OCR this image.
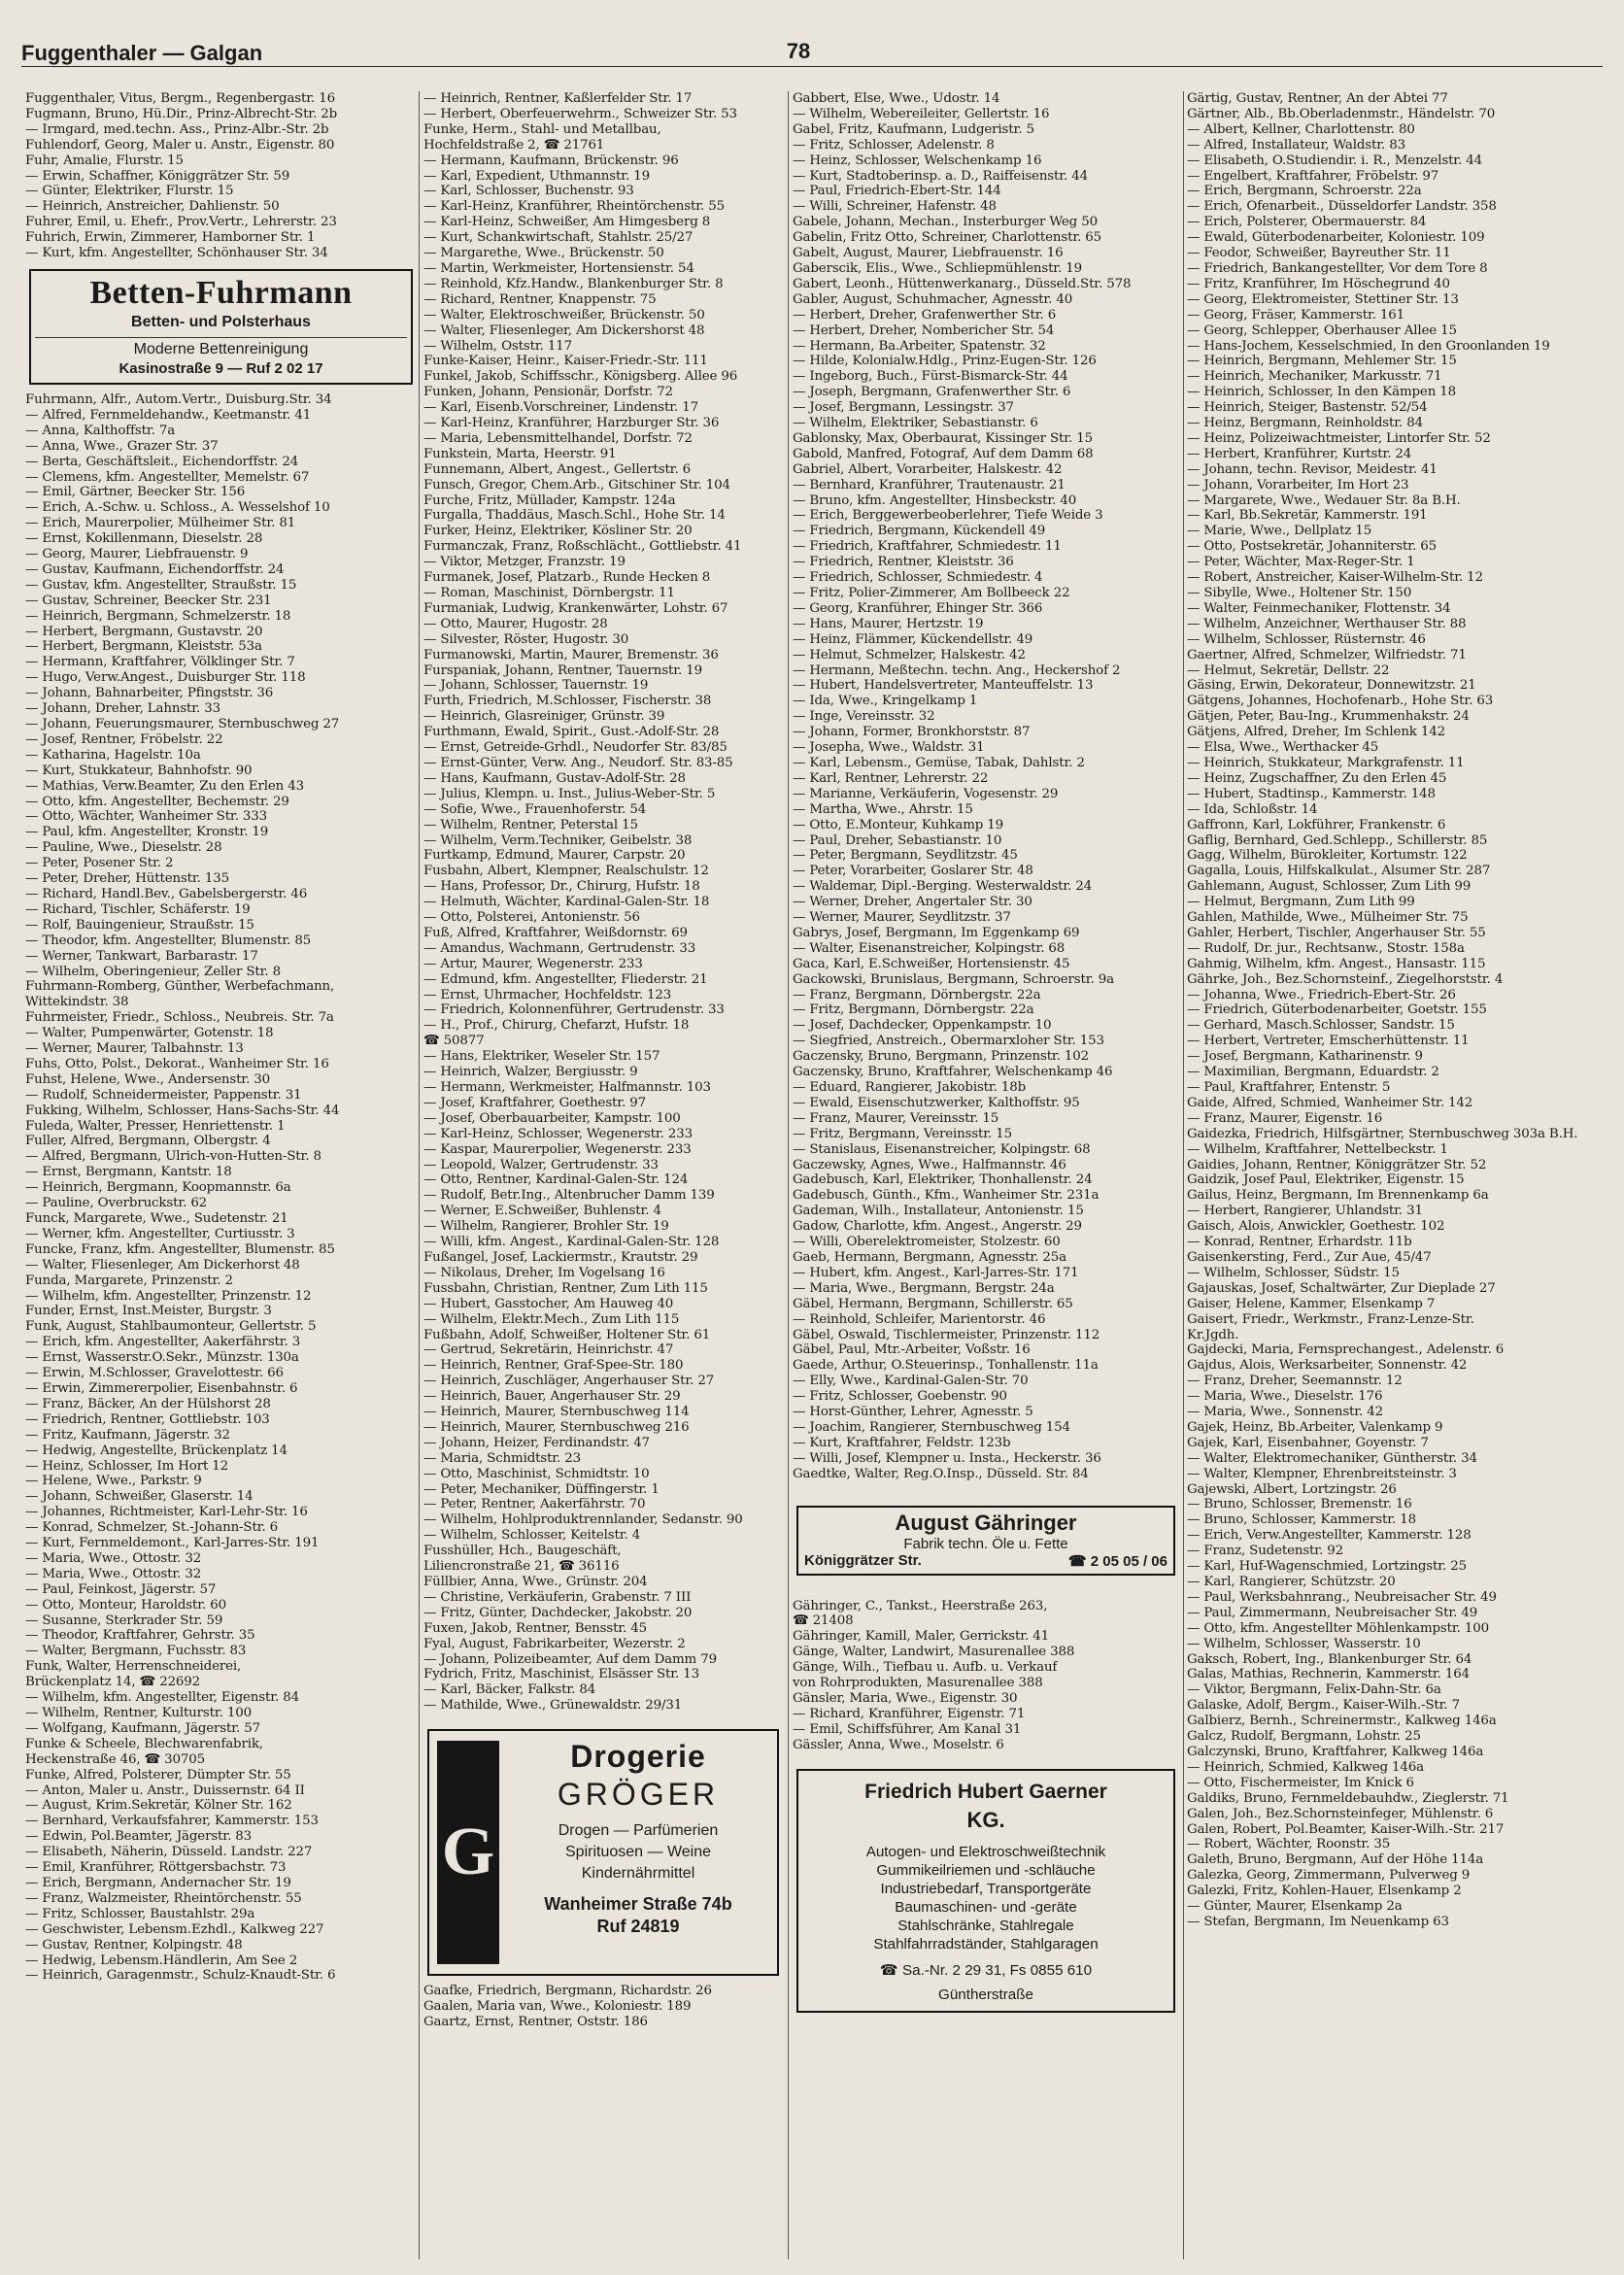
Fuggenthaler — Galgan	78
Fuggenthaler, Vitus, Bergm., Regenbergastr. 16
Fugmann, Bruno, Hü.Dir., Prinz-Albrecht-Str. 2b
— Irmgard, med.techn. Ass., Prinz-Albr.-Str. 2b
Fuhlendorf, Georg, Maler u. Anstr., Eigenstr. 80
Fuhr, Amalie, Flurstr. 15
— Erwin, Schaffner, Königgrätzer Str. 59
— Günter, Elektriker, Flurstr. 15
— Heinrich, Anstreicher, Dahlienstr. 50
Fuhrer, Emil, u. Ehefr., Prov.Vertr., Lehrerstr. 23
Fuhrich, Erwin, Zimmerer, Hamborner Str. 1
— Kurt, kfm. Angestellter, Schönhauser Str. 34
Betten-Fuhrmann
Betten- und Polsterhaus
Moderne Bettenreinigung
Kasinostraße 9 — Ruf 2 02 17
Fuhrmann, Alfr., Autom.Vertr., Duisburg.Str. 34
— Alfred, Fernmeldehandw., Keetmanstr. 41
— Anna, Kalthoffstr. 7a
— Anna, Wwe., Grazer Str. 37
— Berta, Geschäftsleit., Eichendorffstr. 24
— Clemens, kfm. Angestellter, Memelstr. 67
— Emil, Gärtner, Beecker Str. 156
— Erich, A.-Schw. u. Schloss., A. Wesselshof 10
— Erich, Maurerpolier, Mülheimer Str. 81
— Ernst, Kokillenmann, Dieselstr. 28
— Georg, Maurer, Liebfrauenstr. 9
— Gustav, Kaufmann, Eichendorffstr. 24
— Gustav, kfm. Angestellter, Straußstr. 15
— Gustav, Schreiner, Beecker Str. 231
— Heinrich, Bergmann, Schmelzerstr. 18
— Herbert, Bergmann, Gustavstr. 20
— Herbert, Bergmann, Kleiststr. 53a
— Hermann, Kraftfahrer, Völklinger Str. 7
— Hugo, Verw.Angest., Duisburger Str. 118
— Johann, Bahnarbeiter, Pfingststr. 36
— Johann, Dreher, Lahnstr. 33
— Johann, Feuerungsmaurer, Sternbuschweg 27
— Josef, Rentner, Fröbelstr. 22
— Katharina, Hagelstr. 10a
— Kurt, Stukkateur, Bahnhofstr. 90
— Mathias, Verw.Beamter, Zu den Erlen 43
— Otto, kfm. Angestellter, Bechemstr. 29
— Otto, Wächter, Wanheimer Str. 333
— Paul, kfm. Angestellter, Kronstr. 19
— Pauline, Wwe., Dieselstr. 28
— Peter, Posener Str. 2
— Peter, Dreher, Hüttenstr. 135
— Richard, Handl.Bev., Gabelsbergerstr. 46
— Richard, Tischler, Schäferstr. 19
— Rolf, Bauingenieur, Straußstr. 15
— Theodor, kfm. Angestellter, Blumenstr. 85
— Werner, Tankwart, Barbarastr. 17
— Wilhelm, Oberingenieur, Zeller Str. 8
Fuhrmann-Romberg, Günther, Werbefachmann,
Wittekindstr. 38
Fuhrmeister, Friedr., Schloss., Neubreis. Str. 7a
— Walter, Pumpenwärter, Gotenstr. 18
— Werner, Maurer, Talbahnstr. 13
Fuhs, Otto, Polst., Dekorat., Wanheimer Str. 16
Fuhst, Helene, Wwe., Andersenstr. 30
— Rudolf, Schneidermeister, Pappenstr. 31
Fukking, Wilhelm, Schlosser, Hans-Sachs-Str. 44
Fuleda, Walter, Presser, Henriettenstr. 1
Fuller, Alfred, Bergmann, Ölbergstr. 4
— Alfred, Bergmann, Ulrich-von-Hutten-Str. 8
— Ernst, Bergmann, Kantstr. 18
— Heinrich, Bergmann, Koopmannstr. 6a
— Pauline, Overbruckstr. 62
Funck, Margarete, Wwe., Sudetenstr. 21
— Werner, kfm. Angestellter, Curtiusstr. 3
Funcke, Franz, kfm. Angestellter, Blumenstr. 85
— Walter, Fliesenleger, Am Dickerhorst 48
Funda, Margarete, Prinzenstr. 2
— Wilhelm, kfm. Angestellter, Prinzenstr. 12
Funder, Ernst, Inst.Meister, Burgstr. 3
Funk, August, Stahlbaumonteur, Gellertstr. 5
— Erich, kfm. Angestellter, Aakerfährstr. 3
— Ernst, Wasserstr.O.Sekr., Münzstr. 130a
— Erwin, M.Schlosser, Gravelottestr. 66
— Erwin, Zimmererpolier, Eisenbahnstr. 6
— Franz, Bäcker, An der Hülshorst 28
— Friedrich, Rentner, Gottliebstr. 103
— Fritz, Kaufmann, Jägerstr. 32
— Hedwig, Angestellte, Brückenplatz 14
— Heinz, Schlosser, Im Hort 12
— Helene, Wwe., Parkstr. 9
— Johann, Schweißer, Glaserstr. 14
— Johannes, Richtmeister, Karl-Lehr-Str. 16
— Konrad, Schmelzer, St.-Johann-Str. 6
— Kurt, Fernmeldemont., Karl-Jarres-Str. 191
— Maria, Wwe., Ottostr. 32
— Maria, Wwe., Ottostr. 32
— Paul, Feinkost, Jägerstr. 57
— Otto, Monteur, Haroldstr. 60
— Susanne, Sterkrader Str. 59
— Theodor, Kraftfahrer, Gehrstr. 35
— Walter, Bergmann, Fuchsstr. 83
Funk, Walter, Herrenschneiderei,
Brückenplatz 14, ☎ 22692
— Wilhelm, kfm. Angestellter, Eigenstr. 84
— Wilhelm, Rentner, Kulturstr. 100
— Wolfgang, Kaufmann, Jägerstr. 57
Funke & Scheele, Blechwarenfabrik,
Heckenstraße 46, ☎ 30705
Funke, Alfred, Polsterer, Dümpter Str. 55
— Anton, Maler u. Anstr., Duissernstr. 64 II
— August, Krim.Sekretär, Kölner Str. 162
— Bernhard, Verkaufsfahrer, Kammerstr. 153
— Edwin, Pol.Beamter, Jägerstr. 83
— Elisabeth, Näherin, Düsseld. Landstr. 227
— Emil, Kranführer, Röttgersbachstr. 73
— Erich, Bergmann, Andernacher Str. 19
— Franz, Walzmeister, Rheintörchenstr. 55
— Fritz, Schlosser, Baustahlstr. 29a
— Geschwister, Lebensm.Ezhdl., Kalkweg 227
— Gustav, Rentner, Kolpingstr. 48
— Hedwig, Lebensm.Händlerin, Am See 2
— Heinrich, Garagenmstr., Schulz-Knaudt-Str. 6
— Heinrich, Rentner, Kaßlerfelder Str. 17
— Herbert, Oberfeuerwehrm., Schweizer Str. 53
Funke, Herm., Stahl- und Metallbau,
Hochfeldstraße 2, ☎ 21761
— Hermann, Kaufmann, Brückenstr. 96
— Karl, Expedient, Uthmannstr. 19
— Karl, Schlosser, Buchenstr. 93
— Karl-Heinz, Kranführer, Rheintörchenstr. 55
— Karl-Heinz, Schweißer, Am Himgesberg 8
— Kurt, Schankwirtschaft, Stahlstr. 25/27
— Margarethe, Wwe., Brückenstr. 50
— Martin, Werkmeister, Hortensienstr. 54
— Reinhold, Kfz.Handw., Blankenburger Str. 8
— Richard, Rentner, Knappenstr. 75
— Walter, Elektroschweißer, Brückenstr. 50
— Walter, Fliesenleger, Am Dickershorst 48
— Wilhelm, Oststr. 117
Funke-Kaiser, Heinr., Kaiser-Friedr.-Str. 111
Funkel, Jakob, Schiffsschr., Königsberg. Allee 96
Funken, Johann, Pensionär, Dorfstr. 72
— Karl, Eisenb.Vorschreiner, Lindenstr. 17
— Karl-Heinz, Kranführer, Harzburger Str. 36
— Maria, Lebensmittelhandel, Dorfstr. 72
Funkstein, Marta, Heerstr. 91
Funnemann, Albert, Angest., Gellertstr. 6
Funsch, Gregor, Chem.Arb., Gitschiner Str. 104
Furche, Fritz, Müllader, Kampstr. 124a
Furgalla, Thaddäus, Masch.Schl., Hohe Str. 14
Furker, Heinz, Elektriker, Kösliner Str. 20
Furmanczak, Franz, Roßschlächt., Gottliebstr. 41
— Viktor, Metzger, Franzstr. 19
Furmanek, Josef, Platzarb., Runde Hecken 8
— Roman, Maschinist, Dörnbergstr. 11
Furmaniak, Ludwig, Krankenwärter, Lohstr. 67
— Otto, Maurer, Hugostr. 28
— Silvester, Röster, Hugostr. 30
Furmanowski, Martin, Maurer, Bremenstr. 36
Furspaniak, Johann, Rentner, Tauernstr. 19
— Johann, Schlosser, Tauernstr. 19
Furth, Friedrich, M.Schlosser, Fischerstr. 38
— Heinrich, Glasreiniger, Grünstr. 39
Furthmann, Ewald, Spirit., Gust.-Adolf-Str. 28
— Ernst, Getreide-Grhdl., Neudorfer Str. 83/85
— Ernst-Günter, Verw. Ang., Neudorf. Str. 83-85
— Hans, Kaufmann, Gustav-Adolf-Str. 28
— Julius, Klempn. u. Inst., Julius-Weber-Str. 5
— Sofie, Wwe., Frauenhoferstr. 54
— Wilhelm, Rentner, Peterstal 15
— Wilhelm, Verm.Techniker, Geibelstr. 38
Furtkamp, Edmund, Maurer, Carpstr. 20
Fusbahn, Albert, Klempner, Realschulstr. 12
— Hans, Professor, Dr., Chirurg, Hufstr. 18
— Helmuth, Wächter, Kardinal-Galen-Str. 18
— Otto, Polsterei, Antonienstr. 56
Fuß, Alfred, Kraftfahrer, Weißdornstr. 69
— Amandus, Wachmann, Gertrudenstr. 33
— Artur, Maurer, Wegenerstr. 233
— Edmund, kfm. Angestellter, Fliederstr. 21
— Ernst, Uhrmacher, Hochfeldstr. 123
— Friedrich, Kolonnenführer, Gertrudenstr. 33
— H., Prof., Chirurg, Chefarzt, Hufstr. 18
☎ 50877
— Hans, Elektriker, Weseler Str. 157
— Heinrich, Walzer, Bergiusstr. 9
— Hermann, Werkmeister, Halfmannstr. 103
— Josef, Kraftfahrer, Goethestr. 97
— Josef, Oberbauarbeiter, Kampstr. 100
— Karl-Heinz, Schlosser, Wegenerstr. 233
— Kaspar, Maurerpolier, Wegenerstr. 233
— Leopold, Walzer, Gertrudenstr. 33
— Otto, Rentner, Kardinal-Galen-Str. 124
— Rudolf, Betr.Ing., Altenbrucher Damm 139
— Werner, E.Schweißer, Buhlenstr. 4
— Wilhelm, Rangierer, Brohler Str. 19
— Willi, kfm. Angest., Kardinal-Galen-Str. 128
Fußangel, Josef, Lackiermstr., Krautstr. 29
— Nikolaus, Dreher, Im Vogelsang 16
Fussbahn, Christian, Rentner, Zum Lith 115
— Hubert, Gasstocher, Am Hauweg 40
— Wilhelm, Elektr.Mech., Zum Lith 115
Fußbahn, Adolf, Schweißer, Holtener Str. 61
— Gertrud, Sekretärin, Heinrichstr. 47
— Heinrich, Rentner, Graf-Spee-Str. 180
— Heinrich, Zuschläger, Angerhauser Str. 27
— Heinrich, Bauer, Angerhauser Str. 29
— Heinrich, Maurer, Sternbuschweg 114
— Heinrich, Maurer, Sternbuschweg 216
— Johann, Heizer, Ferdinandstr. 47
— Maria, Schmidtstr. 23
— Otto, Maschinist, Schmidtstr. 10
— Peter, Mechaniker, Düffingerstr. 1
— Peter, Rentner, Aakerfährstr. 70
— Wilhelm, Hohlproduktrennlander, Sedanstr. 90
— Wilhelm, Schlosser, Keitelstr. 4
Fusshüller, Hch., Baugeschäft,
Liliencronstraße 21, ☎ 36116
Füllbier, Anna, Wwe., Grünstr. 204
— Christine, Verkäuferin, Grabenstr. 7 III
— Fritz, Günter, Dachdecker, Jakobstr. 20
Fuxen, Jakob, Rentner, Bensstr. 45
Fyal, August, Fabrikarbeiter, Wezerstr. 2
— Johann, Polizeibeamter, Auf dem Damm 79
Fydrich, Fritz, Maschinist, Elsässer Str. 13
— Karl, Bäcker, Falkstr. 84
— Mathilde, Wwe., Grünewaldstr. 29/31
G
Drogerie
GRÖGER
Drogen — Parfümerien
Spirituosen — Weine
Kindernährmittel
Wanheimer Straße 74b
Ruf 24819
Gaafke, Friedrich, Bergmann, Richardstr. 26
Gaalen, Maria van, Wwe., Koloniestr. 189
Gaartz, Ernst, Rentner, Oststr. 186
Gabbert, Else, Wwe., Udostr. 14
— Wilhelm, Webereileiter, Gellertstr. 16
Gabel, Fritz, Kaufmann, Ludgeristr. 5
— Fritz, Schlosser, Adelenstr. 8
— Heinz, Schlosser, Welschenkamp 16
— Kurt, Stadtoberinsp. a. D., Raiffeisenstr. 44
— Paul, Friedrich-Ebert-Str. 144
— Willi, Schreiner, Hafenstr. 48
Gabele, Johann, Mechan., Insterburger Weg 50
Gabelin, Fritz Otto, Schreiner, Charlottenstr. 65
Gabelt, August, Maurer, Liebfrauenstr. 16
Gaberscik, Elis., Wwe., Schliepmühlenstr. 19
Gabert, Leonh., Hüttenwerkanarg., Düsseld.Str. 578
Gabler, August, Schuhmacher, Agnesstr. 40
— Herbert, Dreher, Grafenwerther Str. 6
— Herbert, Dreher, Nombericher Str. 54
— Hermann, Ba.Arbeiter, Spatenstr. 32
— Hilde, Kolonialw.Hdlg., Prinz-Eugen-Str. 126
— Ingeborg, Buch., Fürst-Bismarck-Str. 44
— Joseph, Bergmann, Grafenwerther Str. 6
— Josef, Bergmann, Lessingstr. 37
— Wilhelm, Elektriker, Sebastianstr. 6
Gablonsky, Max, Oberbaurat, Kissinger Str. 15
Gabold, Manfred, Fotograf, Auf dem Damm 68
Gabriel, Albert, Vorarbeiter, Halskestr. 42
— Bernhard, Kranführer, Trautenaustr. 21
— Bruno, kfm. Angestellter, Hinsbeckstr. 40
— Erich, Berggewerbeoberlehrer, Tiefe Weide 3
— Friedrich, Bergmann, Kückendell 49
— Friedrich, Kraftfahrer, Schmiedestr. 11
— Friedrich, Rentner, Kleiststr. 36
— Friedrich, Schlosser, Schmiedestr. 4
— Fritz, Polier-Zimmerer, Am Bollbeeck 22
— Georg, Kranführer, Ehinger Str. 366
— Hans, Maurer, Hertzstr. 19
— Heinz, Flämmer, Kückendellstr. 49
— Helmut, Schmelzer, Halskestr. 42
— Hermann, Meßtechn. techn. Ang., Heckershof 2
— Hubert, Handelsvertreter, Manteuffelstr. 13
— Ida, Wwe., Kringelkamp 1
— Inge, Vereinsstr. 32
— Johann, Former, Bronkhorststr. 87
— Josepha, Wwe., Waldstr. 31
— Karl, Lebensm., Gemüse, Tabak, Dahlstr. 2
— Karl, Rentner, Lehrerstr. 22
— Marianne, Verkäuferin, Vogesenstr. 29
— Martha, Wwe., Ahrstr. 15
— Otto, E.Monteur, Kuhkamp 19
— Paul, Dreher, Sebastianstr. 10
— Peter, Bergmann, Seydlitzstr. 45
— Peter, Vorarbeiter, Goslarer Str. 48
— Waldemar, Dipl.-Berging. Westerwaldstr. 24
— Werner, Dreher, Angertaler Str. 30
— Werner, Maurer, Seydlitzstr. 37
Gabrys, Josef, Bergmann, Im Eggenkamp 69
— Walter, Eisenanstreicher, Kolpingstr. 68
Gaca, Karl, E.Schweißer, Hortensienstr. 45
Gackowski, Brunislaus, Bergmann, Schroerstr. 9a
— Franz, Bergmann, Dörnbergstr. 22a
— Fritz, Bergmann, Dörnbergstr. 22a
— Josef, Dachdecker, Oppenkampstr. 10
— Siegfried, Anstreich., Obermarxloher Str. 153
Gaczensky, Bruno, Bergmann, Prinzenstr. 102
Gaczensky, Bruno, Kraftfahrer, Welschenkamp 46
— Eduard, Rangierer, Jakobistr. 18b
— Ewald, Eisenschutzwerker, Kalthoffstr. 95
— Franz, Maurer, Vereinsstr. 15
— Fritz, Bergmann, Vereinsstr. 15
— Stanislaus, Eisenanstreicher, Kolpingstr. 68
Gaczewsky, Agnes, Wwe., Halfmannstr. 46
Gadebusch, Karl, Elektriker, Thonhallenstr. 24
Gadebusch, Günth., Kfm., Wanheimer Str. 231a
Gademan, Wilh., Installateur, Antonienstr. 15
Gadow, Charlotte, kfm. Angest., Angerstr. 29
— Willi, Oberelektromeister, Stolzestr. 60
Gaeb, Hermann, Bergmann, Agnesstr. 25a
— Hubert, kfm. Angest., Karl-Jarres-Str. 171
— Maria, Wwe., Bergmann, Bergstr. 24a
Gäbel, Hermann, Bergmann, Schillerstr. 65
— Reinhold, Schleifer, Marientorstr. 46
Gäbel, Oswald, Tischlermeister, Prinzenstr. 112
Gäbel, Paul, Mtr.-Arbeiter, Voßstr. 16
Gaede, Arthur, O.Steuerinsp., Tonhallenstr. 11a
— Elly, Wwe., Kardinal-Galen-Str. 70
— Fritz, Schlosser, Goebenstr. 90
— Horst-Günther, Lehrer, Agnesstr. 5
— Joachim, Rangierer, Sternbuschweg 154
— Kurt, Kraftfahrer, Feldstr. 123b
— Willi, Josef, Klempner u. Insta., Heckerstr. 36
Gaedtke, Walter, Reg.O.Insp., Düsseld. Str. 84
August Gähringer
Fabrik techn. Öle u. Fette
Königgrätzer Str.	☎ 2 05 05 / 06
Gähringer, C., Tankst., Heerstraße 263,
☎ 21408
Gähringer, Kamill, Maler, Gerrickstr. 41
Gänge, Walter, Landwirt, Masurenallee 388
Gänge, Wilh., Tiefbau u. Aufb. u. Verkauf
von Rohrprodukten, Masurenallee 388
Gänsler, Maria, Wwe., Eigenstr. 30
— Richard, Kranführer, Eigenstr. 71
— Emil, Schiffsführer, Am Kanal 31
Gässler, Anna, Wwe., Moselstr. 6
Friedrich Hubert Gaerner
KG.
Autogen- und Elektroschweißtechnik
Gummikeilriemen und -schläuche
Industriebedarf, Transportgeräte
Baumaschinen- und -geräte
Stahlschränke, Stahlregale
Stahlfahrradständer, Stahlgaragen
☎ Sa.-Nr. 2 29 31, Fs 0855 610
Güntherstraße
Gärtig, Gustav, Rentner, An der Abtei 77
Gärtner, Alb., Bb.Oberladenmstr., Händelstr. 70
— Albert, Kellner, Charlottenstr. 80
— Alfred, Installateur, Waldstr. 83
— Elisabeth, O.Studiendir. i. R., Menzelstr. 44
— Engelbert, Kraftfahrer, Fröbelstr. 97
— Erich, Bergmann, Schroerstr. 22a
— Erich, Ofenarbeit., Düsseldorfer Landstr. 358
— Erich, Polsterer, Obermauerstr. 84
— Ewald, Güterbodenarbeiter, Koloniestr. 109
— Feodor, Schweißer, Bayreuther Str. 11
— Friedrich, Bankangestellter, Vor dem Tore 8
— Fritz, Kranführer, Im Höschegrund 40
— Georg, Elektromeister, Stettiner Str. 13
— Georg, Fräser, Kammerstr. 161
— Georg, Schlepper, Oberhauser Allee 15
— Hans-Jochem, Kesselschmied, In den Groonlanden 19
— Heinrich, Bergmann, Mehlemer Str. 15
— Heinrich, Mechaniker, Markusstr. 71
— Heinrich, Schlosser, In den Kämpen 18
— Heinrich, Steiger, Bastenstr. 52/54
— Heinz, Bergmann, Reinholdstr. 84
— Heinz, Polizeiwachtmeister, Lintorfer Str. 52
— Herbert, Kranführer, Kurtstr. 24
— Johann, techn. Revisor, Meidestr. 41
— Johann, Vorarbeiter, Im Hort 23
— Margarete, Wwe., Wedauer Str. 8a B.H.
— Karl, Bb.Sekretär, Kammerstr. 191
— Marie, Wwe., Dellplatz 15
— Otto, Postsekretär, Johanniterstr. 65
— Peter, Wächter, Max-Reger-Str. 1
— Robert, Anstreicher, Kaiser-Wilhelm-Str. 12
— Sibylle, Wwe., Holtener Str. 150
— Walter, Feinmechaniker, Flottenstr. 34
— Wilhelm, Anzeichner, Werthauser Str. 88
— Wilhelm, Schlosser, Rüsternstr. 46
Gaertner, Alfred, Schmelzer, Wilfriedstr. 71
— Helmut, Sekretär, Dellstr. 22
Gäsing, Erwin, Dekorateur, Donnewitzstr. 21
Gätgens, Johannes, Hochofenarb., Hohe Str. 63
Gätjen, Peter, Bau-Ing., Krummenhakstr. 24
Gätjens, Alfred, Dreher, Im Schlenk 142
— Elsa, Wwe., Werthacker 45
— Heinrich, Stukkateur, Markgrafenstr. 11
— Heinz, Zugschaffner, Zu den Erlen 45
— Hubert, Stadtinsp., Kammerstr. 148
— Ida, Schloßstr. 14
Gaffronn, Karl, Lokführer, Frankenstr. 6
Gaflig, Bernhard, Ged.Schlepp., Schillerstr. 85
Gagg, Wilhelm, Bürokleiter, Kortumstr. 122
Gagalla, Louis, Hilfskalkulat., Alsumer Str. 287
Gahlemann, August, Schlosser, Zum Lith 99
— Helmut, Bergmann, Zum Lith 99
Gahlen, Mathilde, Wwe., Mülheimer Str. 75
Gahler, Herbert, Tischler, Angerhauser Str. 55
— Rudolf, Dr. jur., Rechtsanw., Stostr. 158a
Gahmig, Wilhelm, kfm. Angest., Hansastr. 115
Gährke, Joh., Bez.Schornsteinf., Ziegelhorststr. 4
— Johanna, Wwe., Friedrich-Ebert-Str. 26
— Friedrich, Güterbodenarbeiter, Goetstr. 155
— Gerhard, Masch.Schlosser, Sandstr. 15
— Herbert, Vertreter, Emscherhüttenstr. 11
— Josef, Bergmann, Katharinenstr. 9
— Maximilian, Bergmann, Eduardstr. 2
— Paul, Kraftfahrer, Entenstr. 5
Gaide, Alfred, Schmied, Wanheimer Str. 142
— Franz, Maurer, Eigenstr. 16
Gaidezka, Friedrich, Hilfsgärtner, Sternbuschweg 303a B.H.
— Wilhelm, Kraftfahrer, Nettelbeckstr. 1
Gaidies, Johann, Rentner, Königgrätzer Str. 52
Gaidzik, Josef Paul, Elektriker, Eigenstr. 15
Gailus, Heinz, Bergmann, Im Brennenkamp 6a
— Herbert, Rangierer, Uhlandstr. 31
Gaisch, Alois, Anwickler, Goethestr. 102
— Konrad, Rentner, Erhardstr. 11b
Gaisenkersting, Ferd., Zur Aue, 45/47
— Wilhelm, Schlosser, Südstr. 15
Gajauskas, Josef, Schaltwärter, Zur Dieplade 27
Gaiser, Helene, Kammer, Elsenkamp 7
Gaisert, Friedr., Werkmstr., Franz-Lenze-Str.
Kr.Jgdh.
Gajdecki, Maria, Fernsprechangest., Adelenstr. 6
Gajdus, Alois, Werksarbeiter, Sonnenstr. 42
— Franz, Dreher, Seemannstr. 12
— Maria, Wwe., Dieselstr. 176
— Maria, Wwe., Sonnenstr. 42
Gajek, Heinz, Bb.Arbeiter, Valenkamp 9
Gajek, Karl, Eisenbahner, Goyenstr. 7
— Walter, Elektromechaniker, Güntherstr. 34
— Walter, Klempner, Ehrenbreitsteinstr. 3
Gajewski, Albert, Lortzingstr. 26
— Bruno, Schlosser, Bremenstr. 16
— Bruno, Schlosser, Kammerstr. 18
— Erich, Verw.Angestellter, Kammerstr. 128
— Franz, Sudetenstr. 92
— Karl, Huf-Wagenschmied, Lortzingstr. 25
— Karl, Rangierer, Schützstr. 20
— Paul, Werksbahnrang., Neubreisacher Str. 49
— Paul, Zimmermann, Neubreisacher Str. 49
— Otto, kfm. Angestellter Möhlenkampstr. 100
— Wilhelm, Schlosser, Wasserstr. 10
Gaksch, Robert, Ing., Blankenburger Str. 64
Galas, Mathias, Rechnerin, Kammerstr. 164
— Viktor, Bergmann, Felix-Dahn-Str. 6a
Galaske, Adolf, Bergm., Kaiser-Wilh.-Str. 7
Galbierz, Bernh., Schreinermstr., Kalkweg 146a
Galcz, Rudolf, Bergmann, Lohstr. 25
Galczynski, Bruno, Kraftfahrer, Kalkweg 146a
— Heinrich, Schmied, Kalkweg 146a
— Otto, Fischermeister, Im Knick 6
Galdiks, Bruno, Fernmeldebauhdw., Zieglerstr. 71
Galen, Joh., Bez.Schornsteinfeger, Mühlenstr. 6
Galen, Robert, Pol.Beamter, Kaiser-Wilh.-Str. 217
— Robert, Wächter, Roonstr. 35
Galeth, Bruno, Bergmann, Auf der Höhe 114a
Galezka, Georg, Zimmermann, Pulverweg 9
Galezki, Fritz, Kohlen-Hauer, Elsenkamp 2
— Günter, Maurer, Elsenkamp 2a
— Stefan, Bergmann, Im Neuenkamp 63
